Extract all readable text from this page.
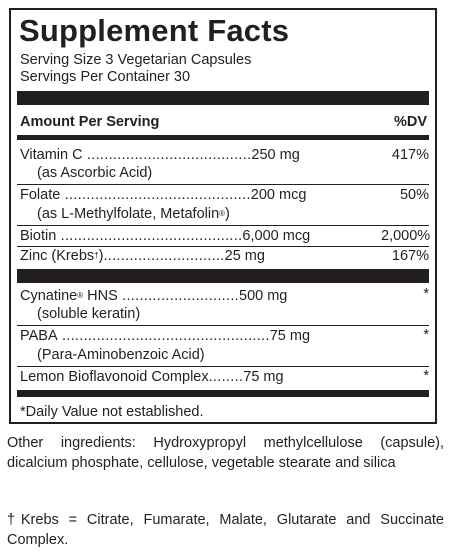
Supplement Facts
Serving Size 3 Vegetarian Capsules
Servings Per Container 30
Amount Per Serving	%DV
Vitamin C ......................................250 mg	417%
(as Ascorbic Acid)
Folate ...........................................200 mcg	50%
(as L-Methylfolate, Metafolin®)
Biotin ..........................................6,000 mcg	2,000%
Zinc (Krebs†)............................25 mg	167%
Cynatine® HNS ...........................500 mg	*
(soluble keratin)
PABA ................................................75 mg	*
(Para-Aminobenzoic Acid)
Lemon Bioflavonoid Complex........75 mg	*
*Daily Value not established.
Other ingredients: Hydroxypropyl methylcellulose (capsule), dicalcium phosphate, cellulose, vegetable stearate and silica
†Krebs = Citrate, Fumarate, Malate, Glutarate and Succinate Complex.
